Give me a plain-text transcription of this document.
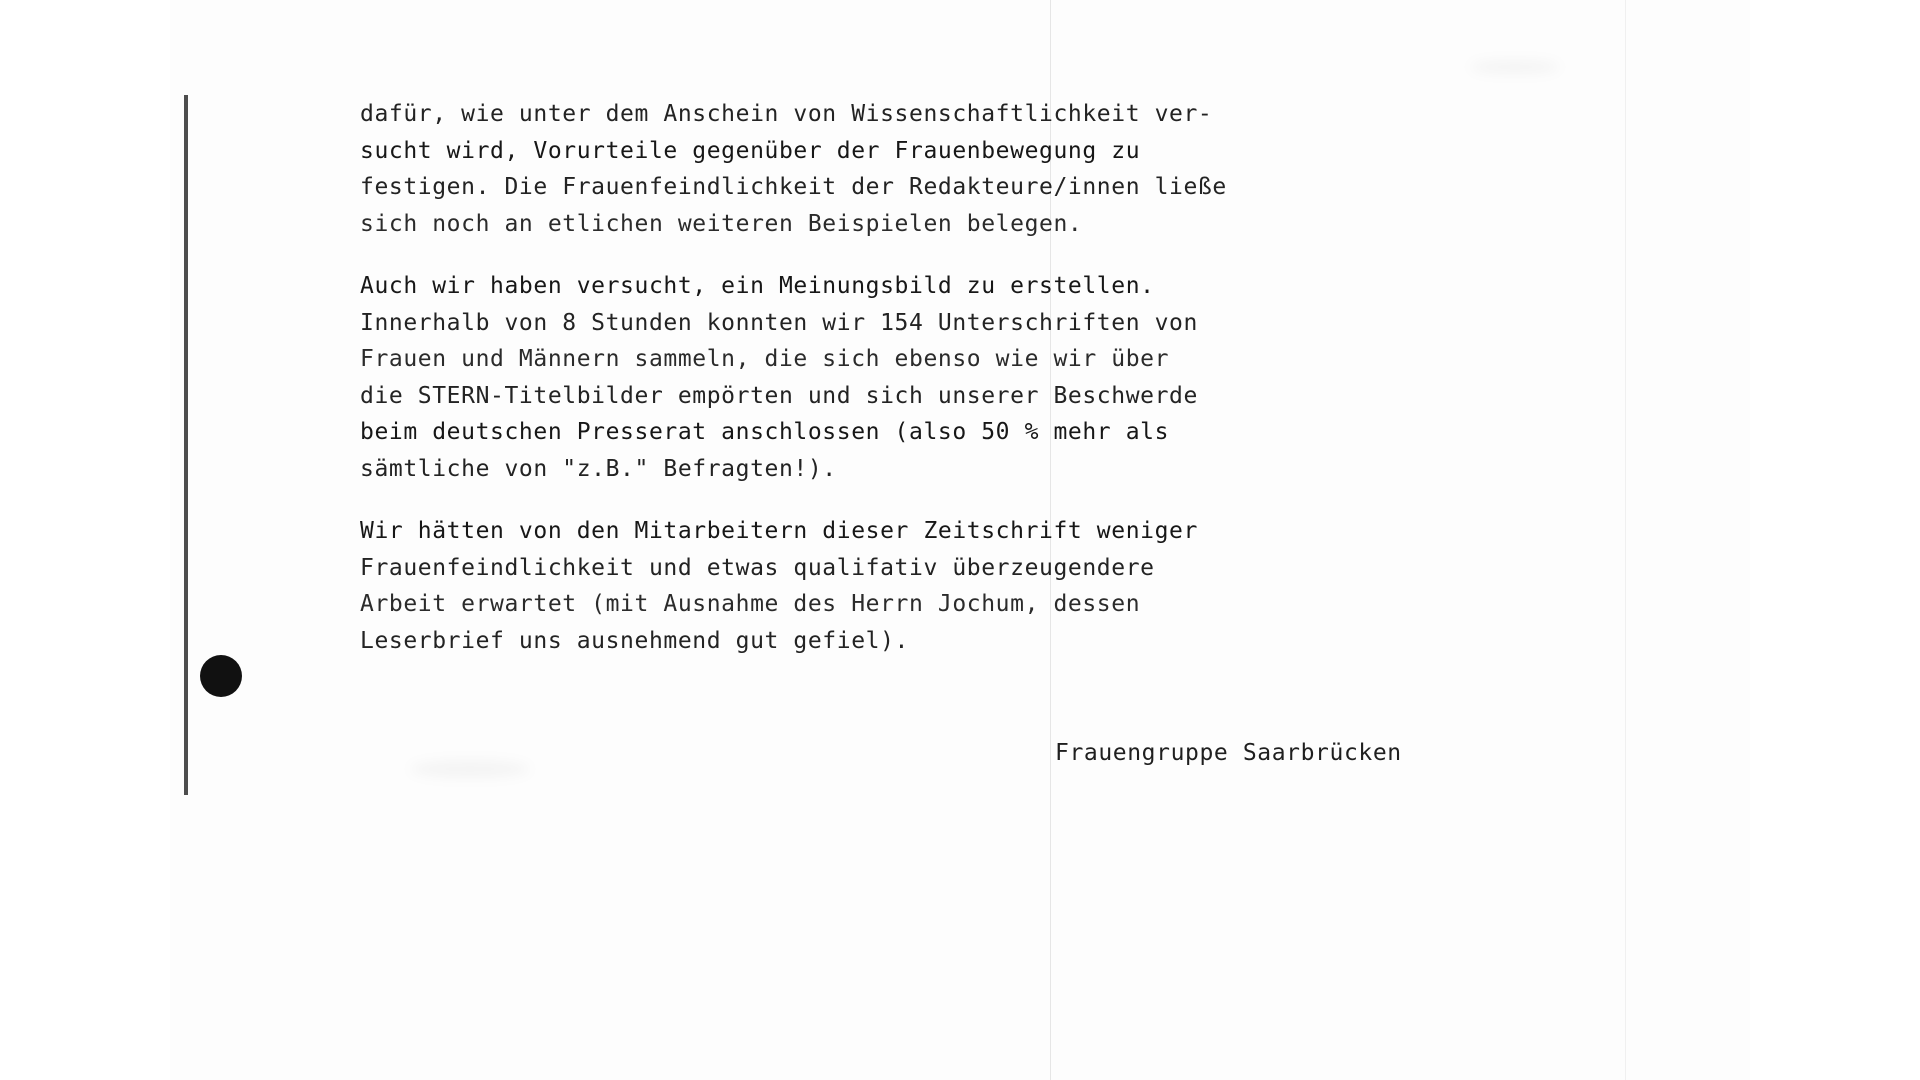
dafür, wie unter dem Anschein von Wissenschaftlichkeit ver-
sucht wird, Vorurteile gegenüber der Frauenbewegung zu
festigen. Die Frauenfeindlichkeit der Redakteure/innen ließe
sich noch an etlichen weiteren Beispielen belegen.

Auch wir haben versucht, ein Meinungsbild zu erstellen.
Innerhalb von 8 Stunden konnten wir 154 Unterschriften von
Frauen und Männern sammeln, die sich ebenso wie wir über
die STERN-Titelbilder empörten und sich unserer Beschwerde
beim deutschen Presserat anschlossen (also 50 % mehr als
sämtliche von "z.B." Befragten!).

Wir hätten von den Mitarbeitern dieser Zeitschrift weniger
Frauenfeindlichkeit und etwas qualifativ überzeugendere
Arbeit erwartet (mit Ausnahme des Herrn Jochum, dessen
Leserbrief uns ausnehmend gut gefiel).

Frauengruppe Saarbrücken
